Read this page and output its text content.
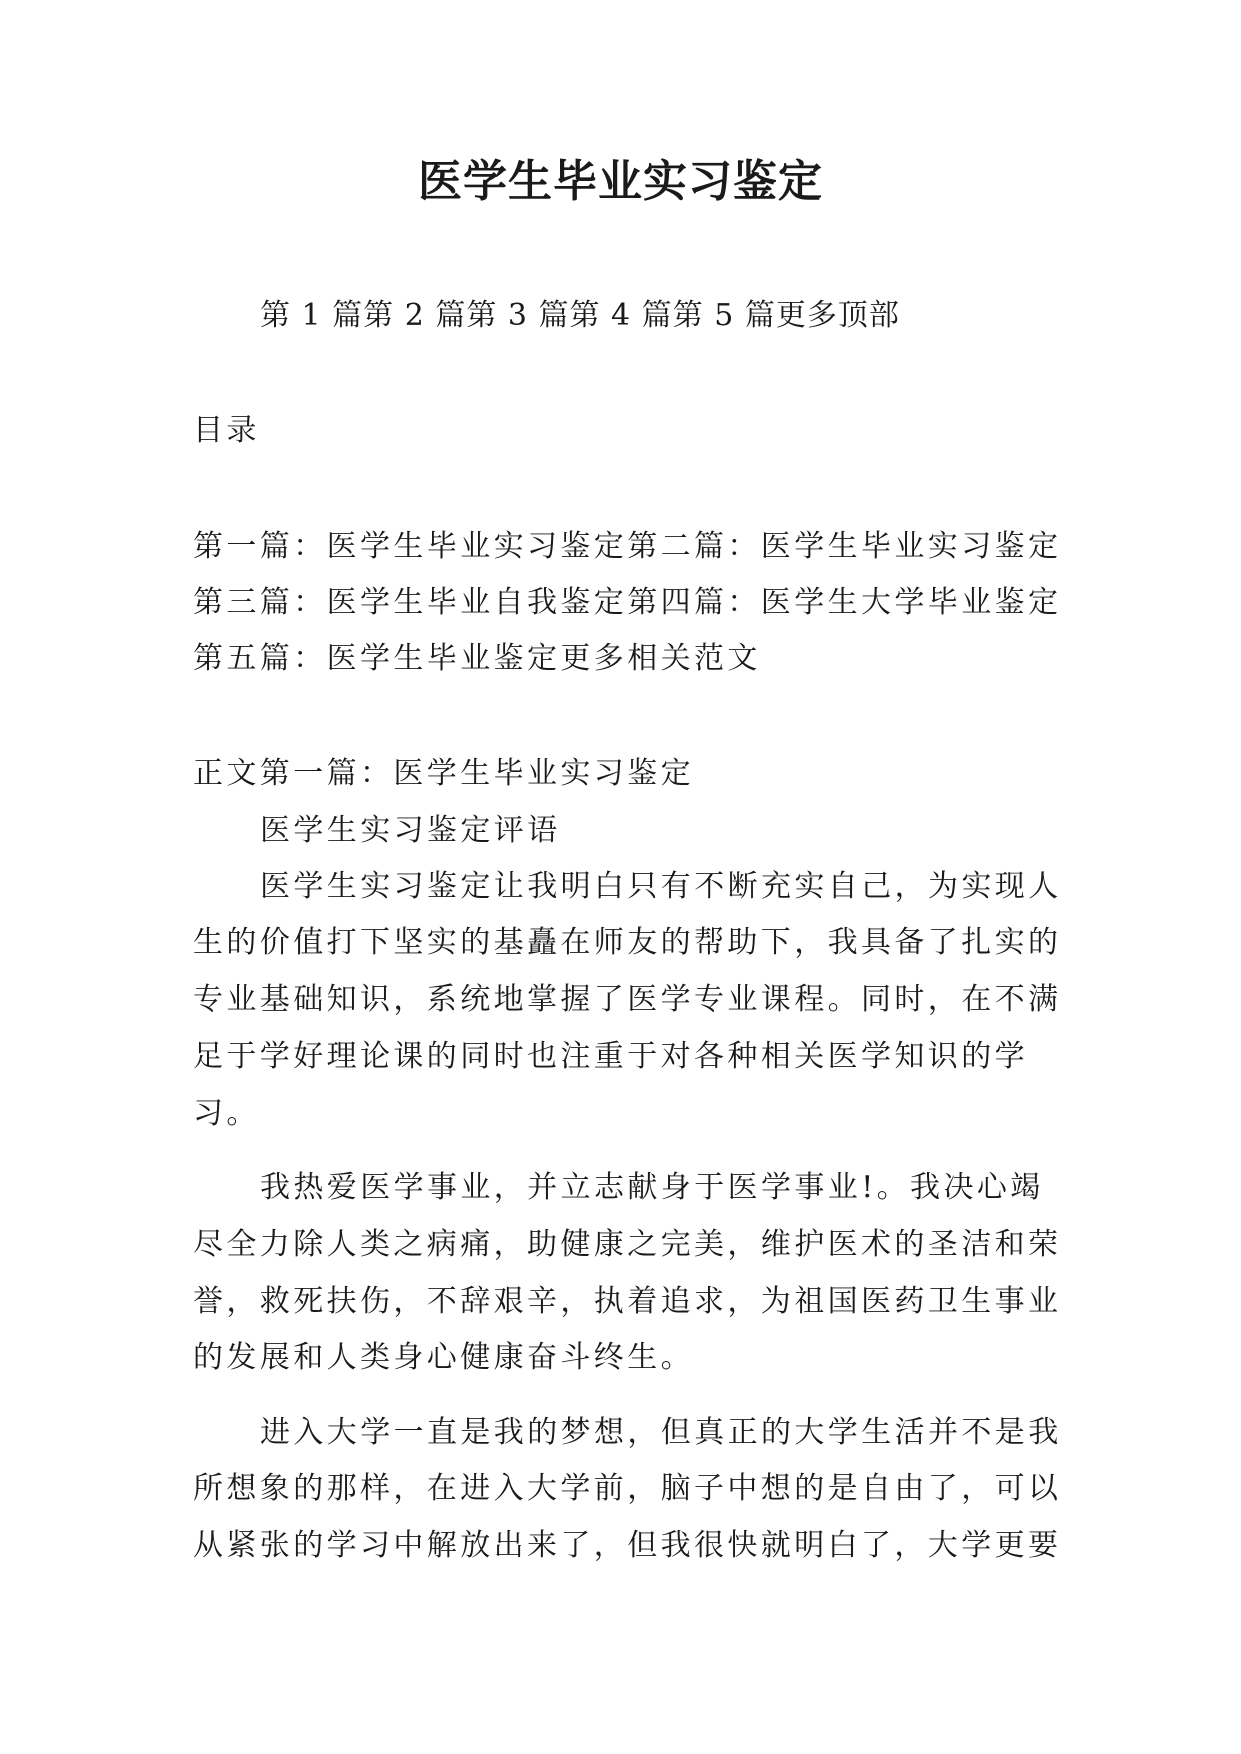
医学生毕业实习鉴定
第 1 篇第 2 篇第 3 篇第 4 篇第 5 篇更多顶部
目录
第一篇：医学生毕业实习鉴定第二篇：医学生毕业实习鉴定
第三篇：医学生毕业自我鉴定第四篇：医学生大学毕业鉴定
第五篇：医学生毕业鉴定更多相关范文
正文第一篇：医学生毕业实习鉴定
医学生实习鉴定评语
医学生实习鉴定让我明白只有不断充实自己，为实现人
生的价值打下坚实的基矗在师友的帮助下，我具备了扎实的
专业基础知识，系统地掌握了医学专业课程。同时，在不满
足于学好理论课的同时也注重于对各种相关医学知识的学
习。
我热爱医学事业，并立志献身于医学事业!。我决心竭
尽全力除人类之病痛，助健康之完美，维护医术的圣洁和荣
誉，救死扶伤，不辞艰辛，执着追求，为祖国医药卫生事业
的发展和人类身心健康奋斗终生。
进入大学一直是我的梦想，但真正的大学生活并不是我
所想象的那样，在进入大学前，脑子中想的是自由了，可以
从紧张的学习中解放出来了，但我很快就明白了，大学更要
